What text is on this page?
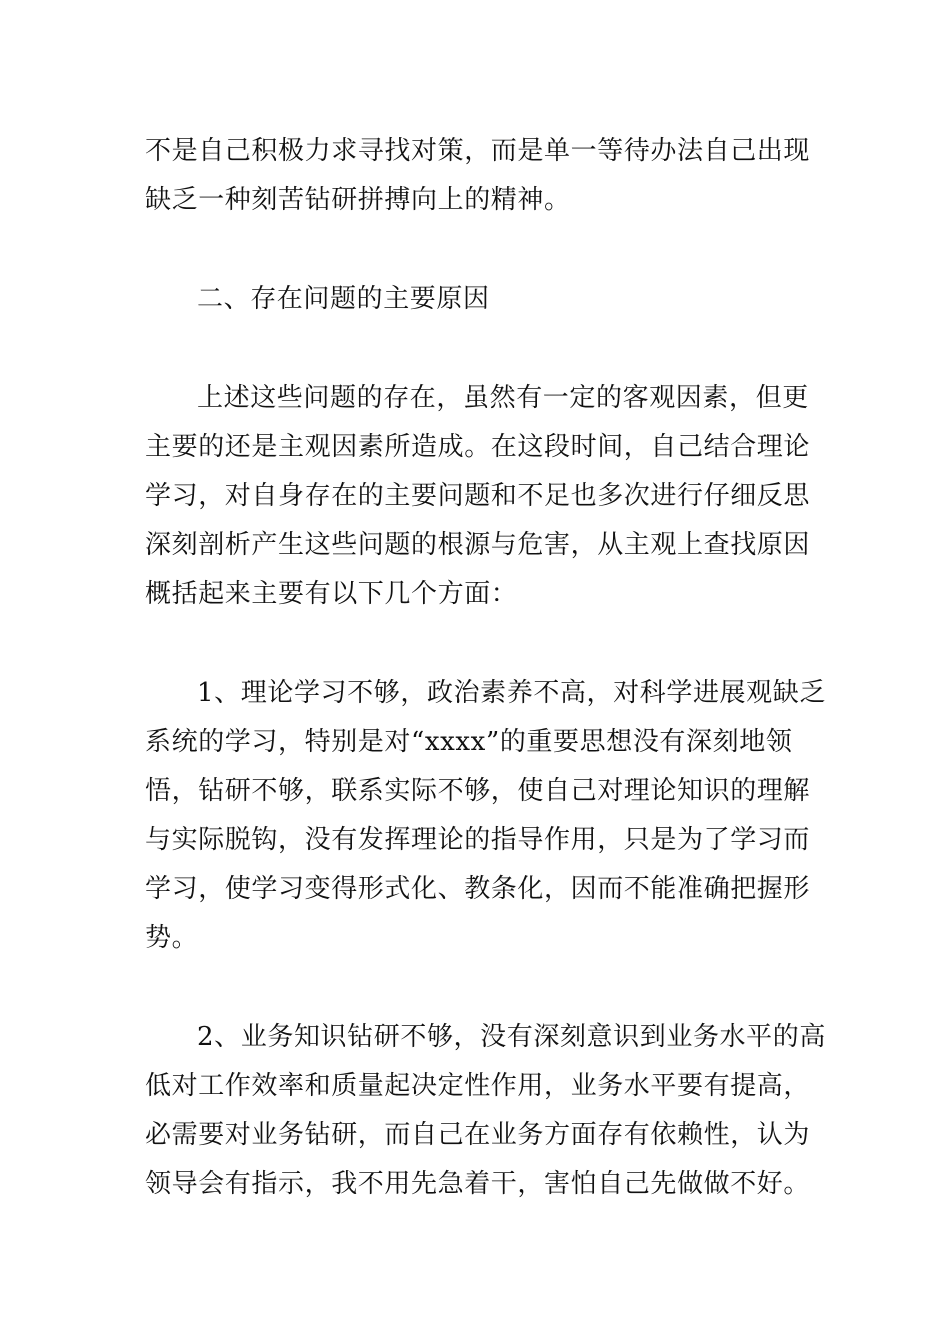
不是自己积极力求寻找对策，而是单一等待办法自己出现
缺乏一种刻苦钻研拼搏向上的精神。
二、存在问题的主要原因
上述这些问题的存在，虽然有一定的客观因素，但更
主要的还是主观因素所造成。在这段时间，自己结合理论
学习，对自身存在的主要问题和不足也多次进行仔细反思
深刻剖析产生这些问题的根源与危害，从主观上查找原因
概括起来主要有以下几个方面：
1、理论学习不够，政治素养不高，对科学进展观缺乏
系统的学习，特别是对“xxxx”的重要思想没有深刻地领
悟，钻研不够，联系实际不够，使自己对理论知识的理解
与实际脱钩，没有发挥理论的指导作用，只是为了学习而
学习，使学习变得形式化、教条化，因而不能准确把握形
势。
2、业务知识钻研不够，没有深刻意识到业务水平的高
低对工作效率和质量起决定性作用，业务水平要有提高，
必需要对业务钻研，而自己在业务方面存有依赖性，认为
领导会有指示，我不用先急着干，害怕自己先做做不好。
